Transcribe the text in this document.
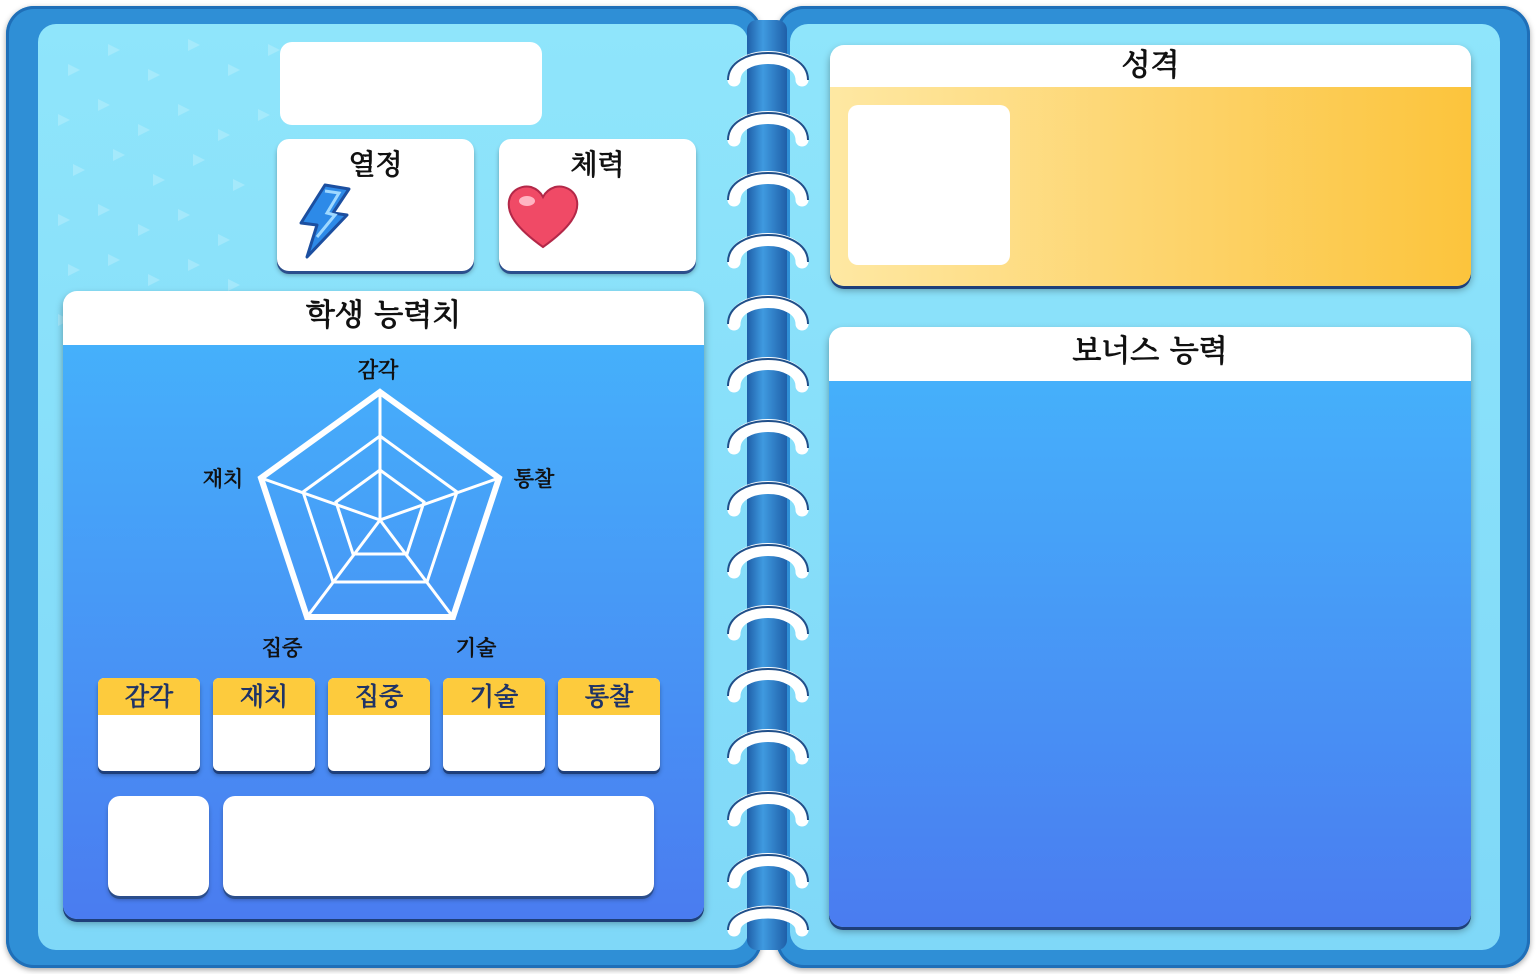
열정	체력
학생 능력치
감각
통찰
기술
집중
재치
감각	재치	집중	기술	통찰
성격
보너스 능력
